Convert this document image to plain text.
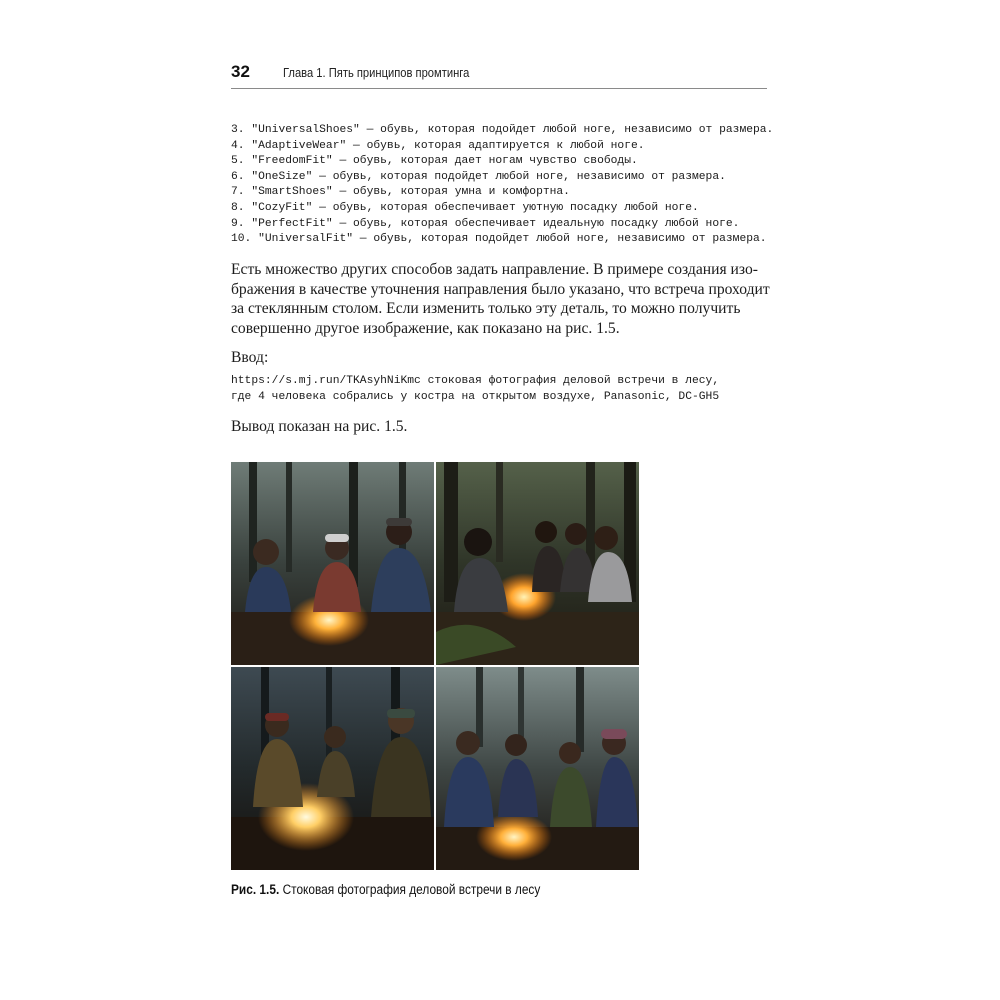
32	Глава 1. Пять принципов промтинга
3. "UniversalShoes" — обувь, которая подойдет любой ноге, независимо от размера.
4. "AdaptiveWear" — обувь, которая адаптируется к любой ноге.
5. "FreedomFit" — обувь, которая дает ногам чувство свободы.
6. "OneSize" — обувь, которая подойдет любой ноге, независимо от размера.
7. "SmartShoes" — обувь, которая умна и комфортна.
8. "CozyFit" — обувь, которая обеспечивает уютную посадку любой ноге.
9. "PerfectFit" — обувь, которая обеспечивает идеальную посадку любой ноге.
10. "UniversalFit" — обувь, которая подойдет любой ноге, независимо от размера.
Есть множество других способов задать направление. В примере создания изо-
бражения в качестве уточнения направления было указано, что встреча проходит
за стеклянным столом. Если изменить только эту деталь, то можно получить
совершенно другое изображение, как показано на рис. 1.5.
Ввод:
https://s.mj.run/TKAsyhNiKmc стоковая фотография деловой встречи в лесу,
где 4 человека собрались у костра на открытом воздухе, Panasonic, DC-GH5
Вывод показан на рис. 1.5.
Рис. 1.5. Стоковая фотография деловой встречи в лесу
